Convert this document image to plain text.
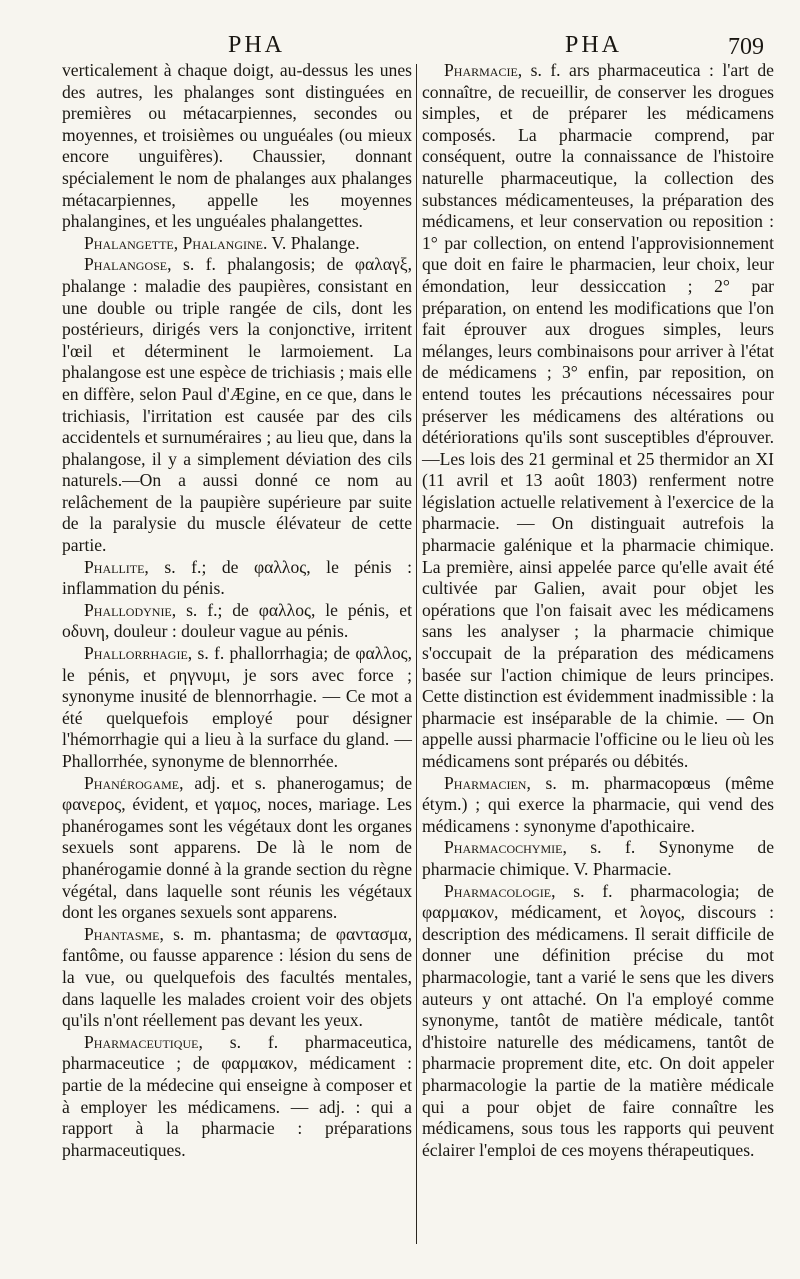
PHA	PHA	709

verticalement à chaque doigt, au-dessus les unes des autres, les phalanges sont distinguées en premières ou métacarpiennes, secondes ou moyennes, et troisièmes ou unguéales (ou mieux encore unguifères). Chaussier, donnant spécialement le nom de phalanges aux phalanges métacarpiennes, appelle les moyennes phalangines, et les unguéales phalangettes.

Phalangette, Phalangine. V. Phalange.

Phalangose, s. f. phalangosis; de φαλαγξ, phalange : maladie des paupières, consistant en une double ou triple rangée de cils, dont les postérieurs, dirigés vers la conjonctive, irritent l'œil et déterminent le larmoiement. La phalangose est une espèce de trichiasis ; mais elle en diffère, selon Paul d'Ægine, en ce que, dans le trichiasis, l'irritation est causée par des cils accidentels et surnuméraires ; au lieu que, dans la phalangose, il y a simplement déviation des cils naturels.—On a aussi donné ce nom au relâchement de la paupière supérieure par suite de la paralysie du muscle élévateur de cette partie.

Phallite, s. f.; de φαλλος, le pénis : inflammation du pénis.

Phallodynie, s. f.; de φαλλος, le pénis, et οδυνη, douleur : douleur vague au pénis.

Phallorrhagie, s. f. phallorrhagia; de φαλλος, le pénis, et ρηγνυμι, je sors avec force ; synonyme inusité de blennorrhagie. — Ce mot a été quelquefois employé pour désigner l'hémorrhagie qui a lieu à la surface du gland. — Phallorrhée, synonyme de blennorrhée.

Phanérogame, adj. et s. phanerogamus; de φανερος, évident, et γαμος, noces, mariage. Les phanérogames sont les végétaux dont les organes sexuels sont apparens. De là le nom de phanérogamie donné à la grande section du règne végétal, dans laquelle sont réunis les végétaux dont les organes sexuels sont apparens.

Phantasme, s. m. phantasma; de φαντασμα, fantôme, ou fausse apparence : lésion du sens de la vue, ou quelquefois des facultés mentales, dans laquelle les malades croient voir des objets qu'ils n'ont réellement pas devant les yeux.

Pharmaceutique, s. f. pharmaceutica, pharmaceutice ; de φαρμακον, médicament : partie de la médecine qui enseigne à composer et à employer les médicamens. — adj. : qui a rapport à la pharmacie : préparations pharmaceutiques.

Pharmacie, s. f. ars pharmaceutica : l'art de connaître, de recueillir, de conserver les drogues simples, et de préparer les médicamens composés. La pharmacie comprend, par conséquent, outre la connaissance de l'histoire naturelle pharmaceutique, la collection des substances médicamenteuses, la préparation des médicamens, et leur conservation ou reposition : 1° par collection, on entend l'approvisionnement que doit en faire le pharmacien, leur choix, leur émondation, leur dessiccation ; 2° par préparation, on entend les modifications que l'on fait éprouver aux drogues simples, leurs mélanges, leurs combinaisons pour arriver à l'état de médicamens ; 3° enfin, par reposition, on entend toutes les précautions nécessaires pour préserver les médicamens des altérations ou détériorations qu'ils sont susceptibles d'éprouver.—Les lois des 21 germinal et 25 thermidor an XI (11 avril et 13 août 1803) renferment notre législation actuelle relativement à l'exercice de la pharmacie. — On distinguait autrefois la pharmacie galénique et la pharmacie chimique. La première, ainsi appelée parce qu'elle avait été cultivée par Galien, avait pour objet les opérations que l'on faisait avec les médicamens sans les analyser ; la pharmacie chimique s'occupait de la préparation des médicamens basée sur l'action chimique de leurs principes. Cette distinction est évidemment inadmissible : la pharmacie est inséparable de la chimie. — On appelle aussi pharmacie l'officine ou le lieu où les médicamens sont préparés ou débités.

Pharmacien, s. m. pharmacopœus (même étym.) ; qui exerce la pharmacie, qui vend des médicamens : synonyme d'apothicaire.

Pharmacochymie, s. f. Synonyme de pharmacie chimique. V. Pharmacie.

Pharmacologie, s. f. pharmacologia; de φαρμακον, médicament, et λογος, discours : description des médicamens. Il serait difficile de donner une définition précise du mot pharmacologie, tant a varié le sens que les divers auteurs y ont attaché. On l'a employé comme synonyme, tantôt de matière médicale, tantôt d'histoire naturelle des médicamens, tantôt de pharmacie proprement dite, etc. On doit appeler pharmacologie la partie de la matière médicale qui a pour objet de faire connaître les médicamens, sous tous les rapports qui peuvent éclairer l'emploi de ces moyens thérapeutiques.
